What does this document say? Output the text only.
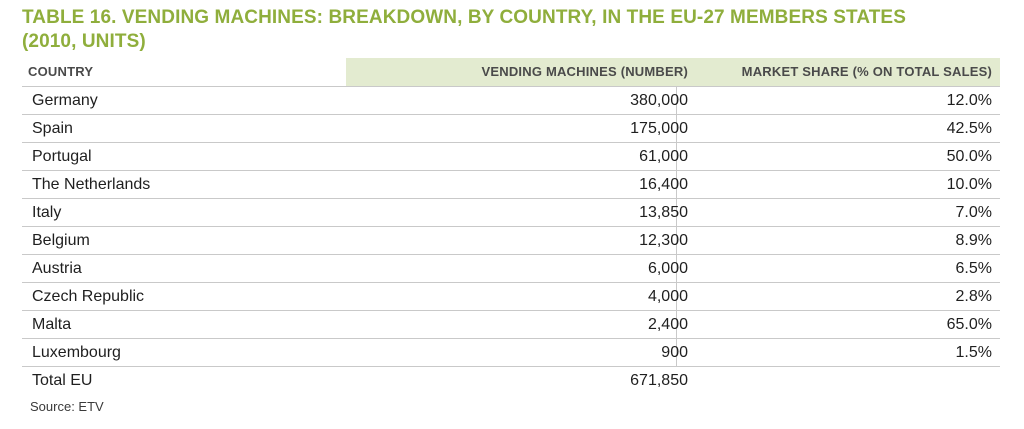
TABLE 16. VENDING MACHINES: BREAKDOWN, BY COUNTRY, IN THE EU-27 MEMBERS STATES
(2010, UNITS)
COUNTRY	VENDING MACHINES (NUMBER)	MARKET SHARE (% ON TOTAL SALES)
Germany	380,000	12.0%
Spain	175,000	42.5%
Portugal	61,000	50.0%
The Netherlands	16,400	10.0%
Italy	13,850	7.0%
Belgium	12,300	8.9%
Austria	6,000	6.5%
Czech Republic	4,000	2.8%
Malta	2,400	65.0%
Luxembourg	900	1.5%
Total EU	671,850
Source: ETV
